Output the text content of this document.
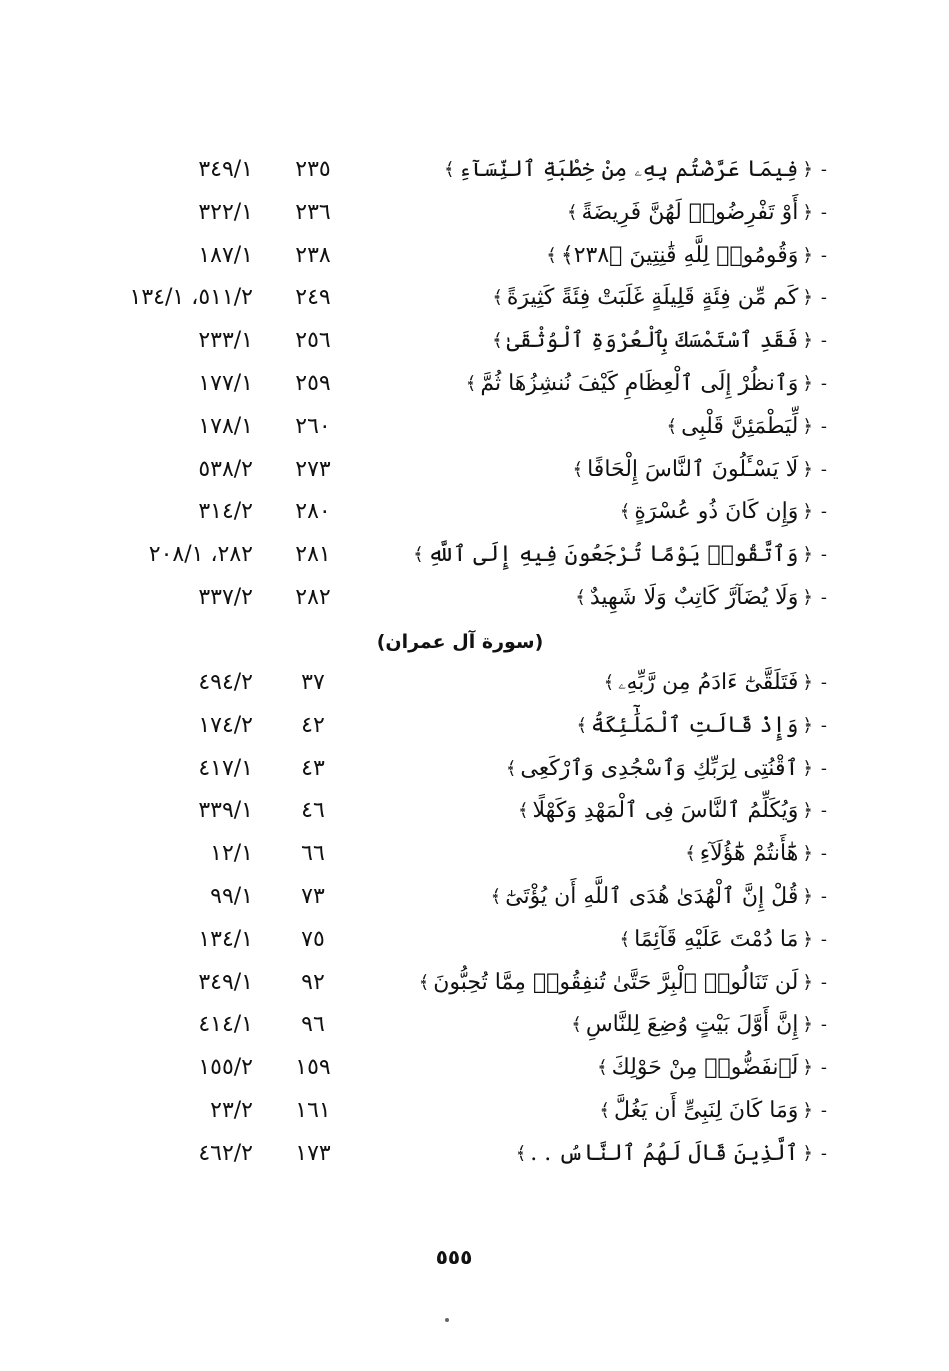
-
﴿
فِيمَا عَرَّضْتُم بِهِۦ مِنْ خِطْبَةِ ٱلنِّسَآءِ
﴾
٢٣٥
٣٤٩/١
-
﴿
أَوْ تَفْرِضُوا۟ لَهُنَّ فَرِيضَةً
﴾
٢٣٦
٣٢٢/١
-
﴿
وَقُومُوا۟ لِلَّهِ قَٰنِتِينَ ﴿٢٣٨﴾
﴾
٢٣٨
١٨٧/١
-
﴿
كَم مِّن فِئَةٍ قَلِيلَةٍ غَلَبَتْ فِئَةً كَثِيرَةً
﴾
٢٤٩
٥١١/٢، ١٣٤/١
-
﴿
فَقَدِ ٱسْتَمْسَكَ بِٱلْعُرْوَةِ ٱلْوُثْقَىٰ
﴾
٢٥٦
٢٣٣/١
-
﴿
وَٱنظُرْ إِلَى ٱلْعِظَامِ كَيْفَ نُنشِزُهَا ثُمَّ
﴾
٢٥٩
١٧٧/١
-
﴿
لِّيَطْمَئِنَّ قَلْبِى
﴾
٢٦٠
١٧٨/١
-
﴿
لَا يَسْـَٔلُونَ ٱلنَّاسَ إِلْحَافًا
﴾
٢٧٣
٥٣٨/٢
-
﴿
وَإِن كَانَ ذُو عُسْرَةٍ
﴾
٢٨٠
٣١٤/٢
-
﴿
وَٱتَّقُوا۟ يَوْمًا تُرْجَعُونَ فِيهِ إِلَى ٱللَّهِ
﴾
٢٨١
٢٨٢، ٢٠٨/١
-
﴿
وَلَا يُضَآرَّ كَاتِبٌ وَلَا شَهِيدٌ
﴾
٢٨٢
٣٣٧/٢
(سورة آل عمران)
-
﴿
فَتَلَقَّىٰٓ ءَادَمُ مِن رَّبِّهِۦ
﴾
٣٧
٤٩٤/٢
-
﴿
وَإِذْ قَالَتِ ٱلْمَلَٰٓئِكَةُ
﴾
٤٢
١٧٤/٢
-
﴿
ٱقْنُتِى لِرَبِّكِ وَٱسْجُدِى وَٱرْكَعِى
﴾
٤٣
٤١٧/١
-
﴿
وَيُكَلِّمُ ٱلنَّاسَ فِى ٱلْمَهْدِ وَكَهْلًا
﴾
٤٦
٣٣٩/١
-
﴿
هَٰٓأَنتُمْ هَٰٓؤُلَآءِ
﴾
٦٦
١٢/١
-
﴿
قُلْ إِنَّ ٱلْهُدَىٰ هُدَى ٱللَّهِ أَن يُؤْتَىٰٓ
﴾
٧٣
٩٩/١
-
﴿
مَا دُمْتَ عَلَيْهِ قَآئِمًا
﴾
٧٥
١٣٤/١
-
﴿
لَن تَنَالُوا۟ ٱلْبِرَّ حَتَّىٰ تُنفِقُوا۟ مِمَّا تُحِبُّونَ
﴾
٩٢
٣٤٩/١
-
﴿
إِنَّ أَوَّلَ بَيْتٍ وُضِعَ لِلنَّاسِ
﴾
٩٦
٤١٤/١
-
﴿
لَٱنفَضُّوا۟ مِنْ حَوْلِكَ
﴾
١٥٩
١٥٥/٢
-
﴿
وَمَا كَانَ لِنَبِىٍّ أَن يَغُلَّ
﴾
١٦١
٢٣/٢
-
﴿
ٱلَّذِينَ قَالَ لَهُمُ ٱلنَّاسُ . .
﴾
١٧٣
٤٦٢/٢
٥٥٥
